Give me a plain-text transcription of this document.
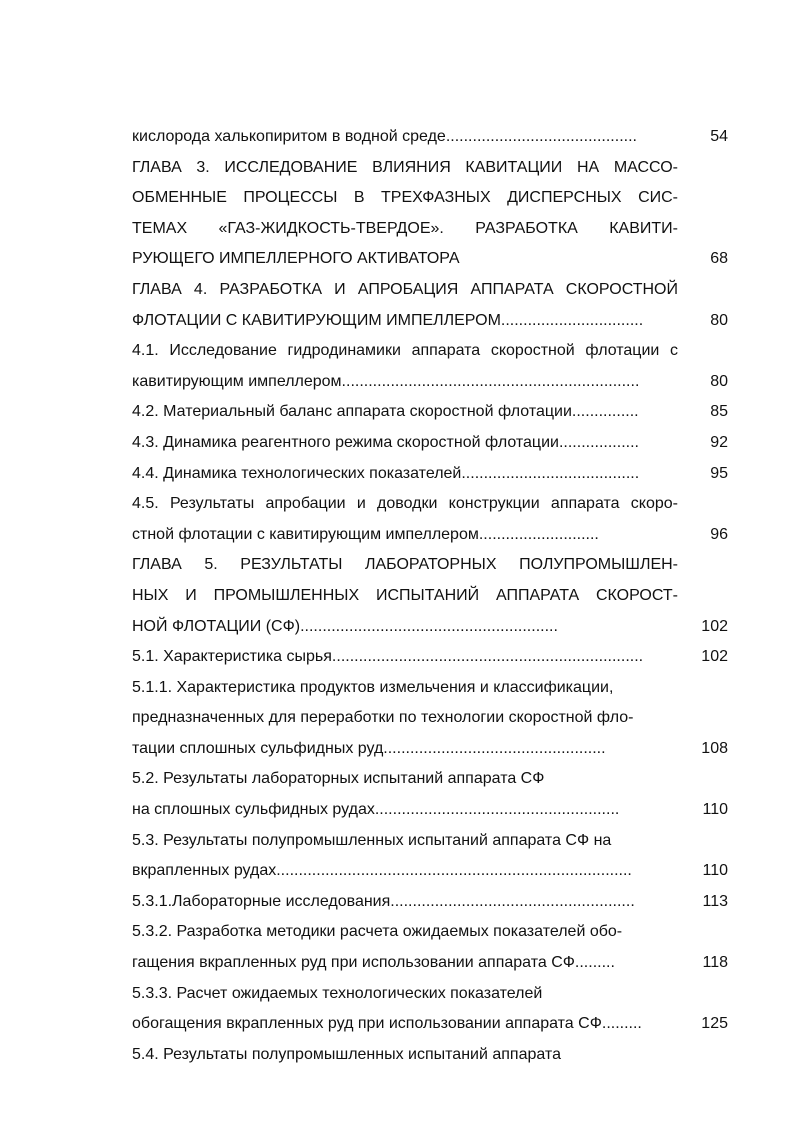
кислорода халькопиритом в водной среде...........................................	54
ГЛАВА 3. ИССЛЕДОВАНИЕ ВЛИЯНИЯ КАВИТАЦИИ НА МАССО-
ОБМЕННЫЕ ПРОЦЕССЫ В ТРЕХФАЗНЫХ ДИСПЕРСНЫХ СИС-
ТЕМАХ «ГАЗ-ЖИДКОСТЬ-ТВЕРДОЕ». РАЗРАБОТКА КАВИТИ-
РУЮЩЕГО ИМПЕЛЛЕРНОГО АКТИВАТОРА	68
ГЛАВА 4. РАЗРАБОТКА И АПРОБАЦИЯ АППАРАТА СКОРОСТНОЙ
ФЛОТАЦИИ С КАВИТИРУЮЩИМ ИМПЕЛЛЕРОМ................................	80
4.1. Исследование гидродинамики аппарата скоростной флотации с
кавитирующим импеллером...................................................................	80
4.2. Материальный баланс аппарата скоростной флотации...............	85
4.3. Динамика реагентного режима скоростной флотации..................	92
4.4. Динамика технологических показателей........................................	95
4.5. Результаты апробации и доводки конструкции аппарата скоро-
стной флотации с кавитирующим импеллером...........................	96
ГЛАВА 5. РЕЗУЛЬТАТЫ ЛАБОРАТОРНЫХ ПОЛУПРОМЫШЛЕН-
НЫХ И ПРОМЫШЛЕННЫХ ИСПЫТАНИЙ АППАРАТА СКОРОСТ-
НОЙ ФЛОТАЦИИ (СФ)..........................................................	102
5.1. Характеристика сырья......................................................................	102
5.1.1. Характеристика продуктов измельчения и классификации,
предназначенных для переработки по технологии скоростной фло-
тации сплошных сульфидных руд..................................................	108
5.2. Результаты лабораторных испытаний аппарата СФ
на сплошных сульфидных рудах.......................................................	110
5.3. Результаты полупромышленных испытаний аппарата СФ на
вкрапленных рудах................................................................................	110
5.3.1.Лабораторные исследования.......................................................	113
5.3.2. Разработка методики расчета ожидаемых показателей обо-
гащения вкрапленных руд при использовании аппарата СФ.........	118
5.3.3. Расчет ожидаемых технологических показателей
обогащения вкрапленных руд при использовании аппарата СФ.........	125
5.4. Результаты полупромышленных испытаний аппарата
